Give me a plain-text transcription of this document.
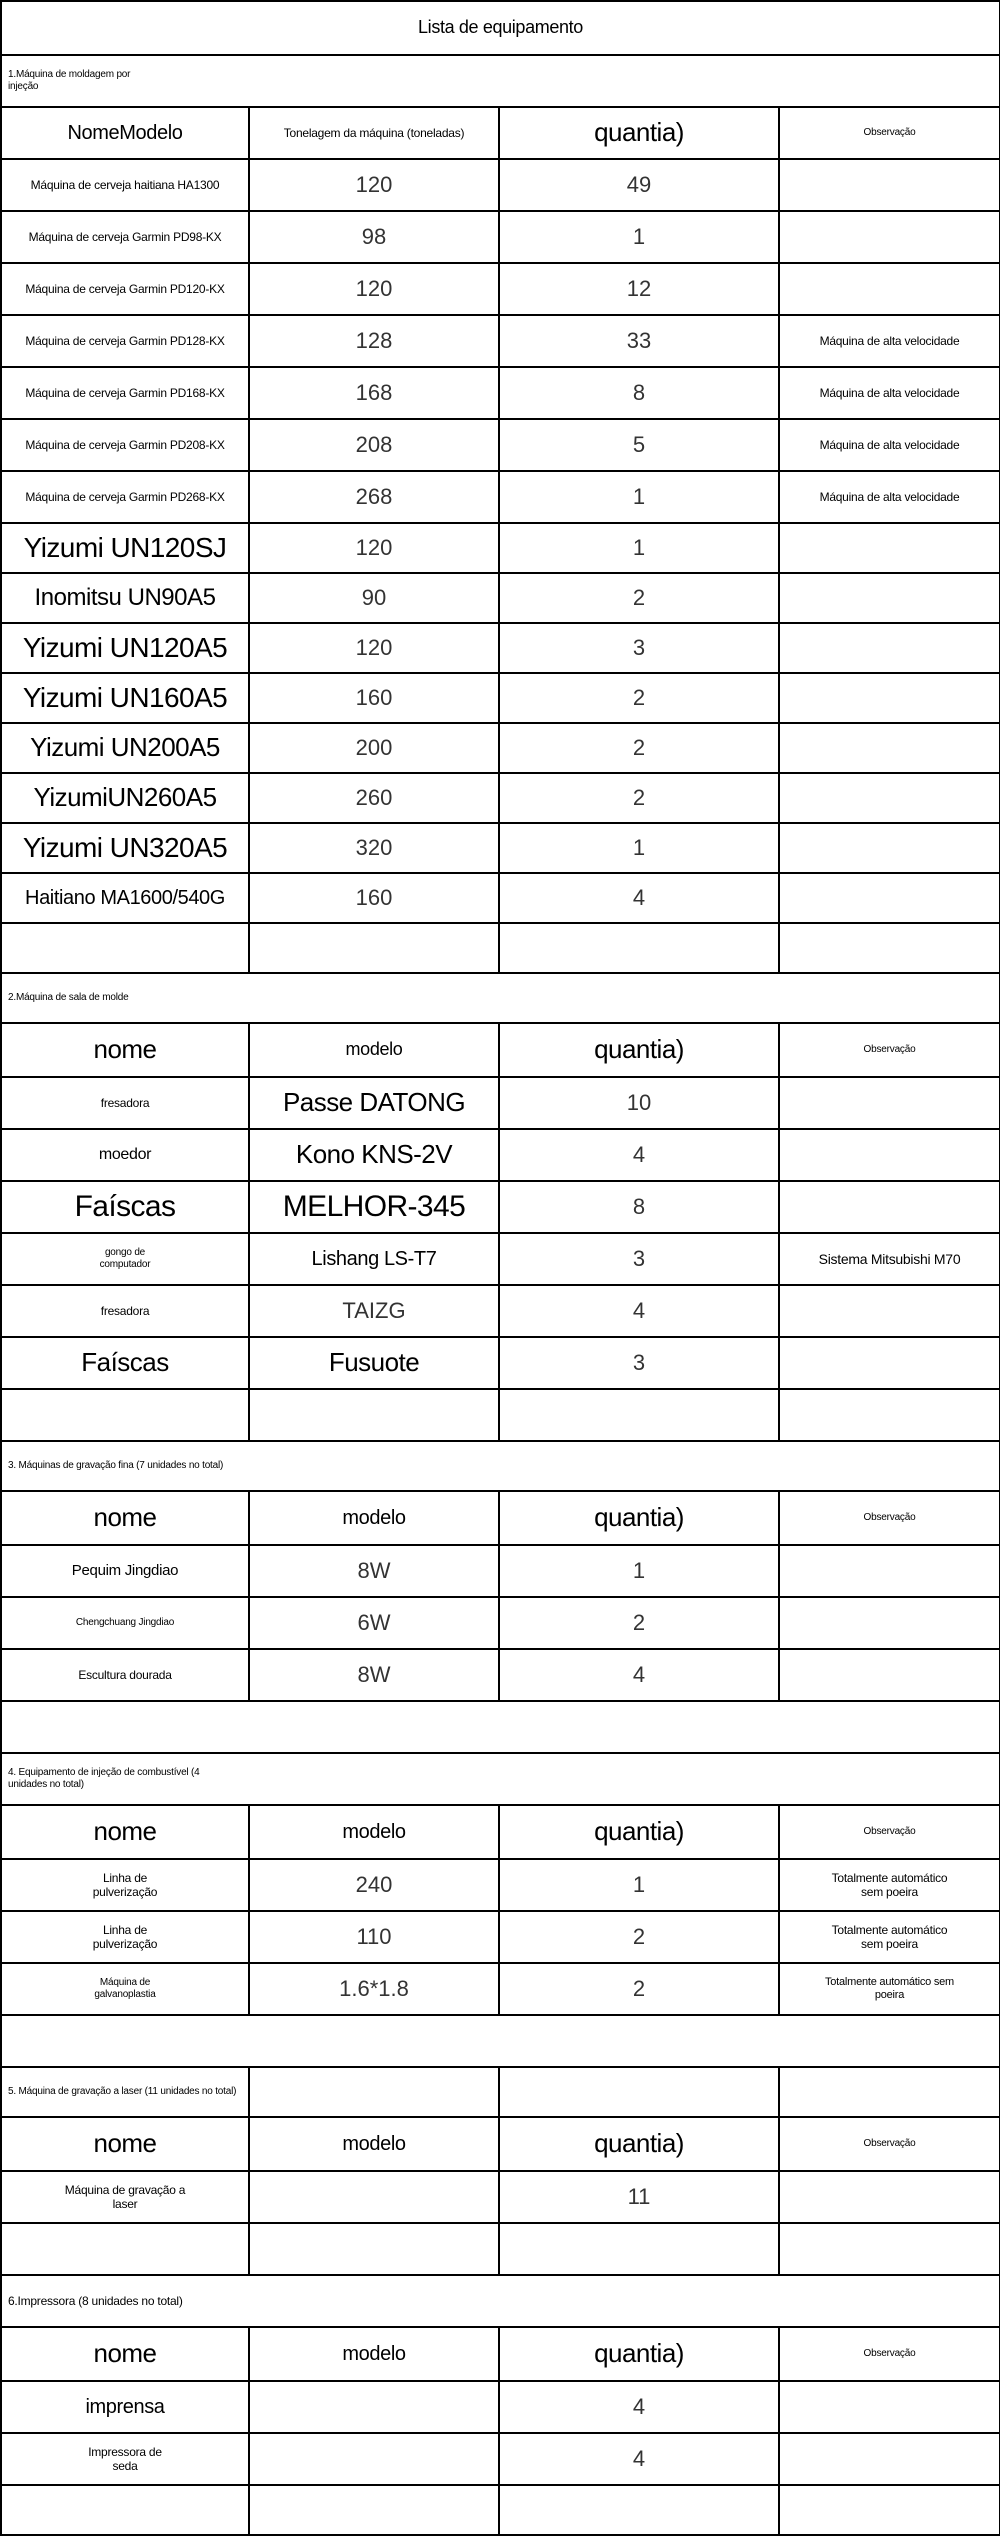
Lista de equipamento			
1.Máquina de moldagem por injeção			
NomeModelo	Tonelagem da máquina (toneladas)	quantia)	Observação
Máquina de cerveja haitiana HA1300	120	49	
Máquina de cerveja Garmin PD98-KX	98	1	
Máquina de cerveja Garmin PD120-KX	120	12	
Máquina de cerveja Garmin PD128-KX	128	33	Máquina de alta velocidade
Máquina de cerveja Garmin PD168-KX	168	8	Máquina de alta velocidade
Máquina de cerveja Garmin PD208-KX	208	5	Máquina de alta velocidade
Máquina de cerveja Garmin PD268-KX	268	1	Máquina de alta velocidade
Yizumi UN120SJ	120	1	
Inomitsu UN90A5	90	2	
Yizumi UN120A5	120	3	
Yizumi UN160A5	160	2	
Yizumi UN200A5	200	2	
YizumiUN260A5	260	2	
Yizumi UN320A5	320	1	
Haitiano MA1600/540G	160	4	

2.Máquina de sala de molde			
nome	modelo	quantia)	Observação
fresadora	Passe DATONG	10	
moedor	Kono KNS-2V	4	
Faíscas	MELHOR-345	8	
gongo de computador	Lishang LS-T7	3	Sistema Mitsubishi M70
fresadora	TAIZG	4	
Faíscas	Fusuote	3	

3. Máquinas de gravação fina (7 unidades no total)			
nome	modelo	quantia)	Observação
Pequim Jingdiao	8W	1	
Chengchuang Jingdiao	6W	2	
Escultura dourada	8W	4	

4. Equipamento de injeção de combustível (4 unidades no total)			
nome	modelo	quantia)	Observação
Linha de pulverização	240	1	Totalmente automático sem poeira
Linha de pulverização	110	2	Totalmente automático sem poeira
Máquina de galvanoplastia	1.6*1.8	2	Totalmente automático sem poeira

5. Máquina de gravação a laser (11 unidades no total)			
nome	modelo	quantia)	Observação
Máquina de gravação a laser		11	

6.Impressora (8 unidades no total)			
nome	modelo	quantia)	Observação
imprensa		4	
Impressora de seda		4	
